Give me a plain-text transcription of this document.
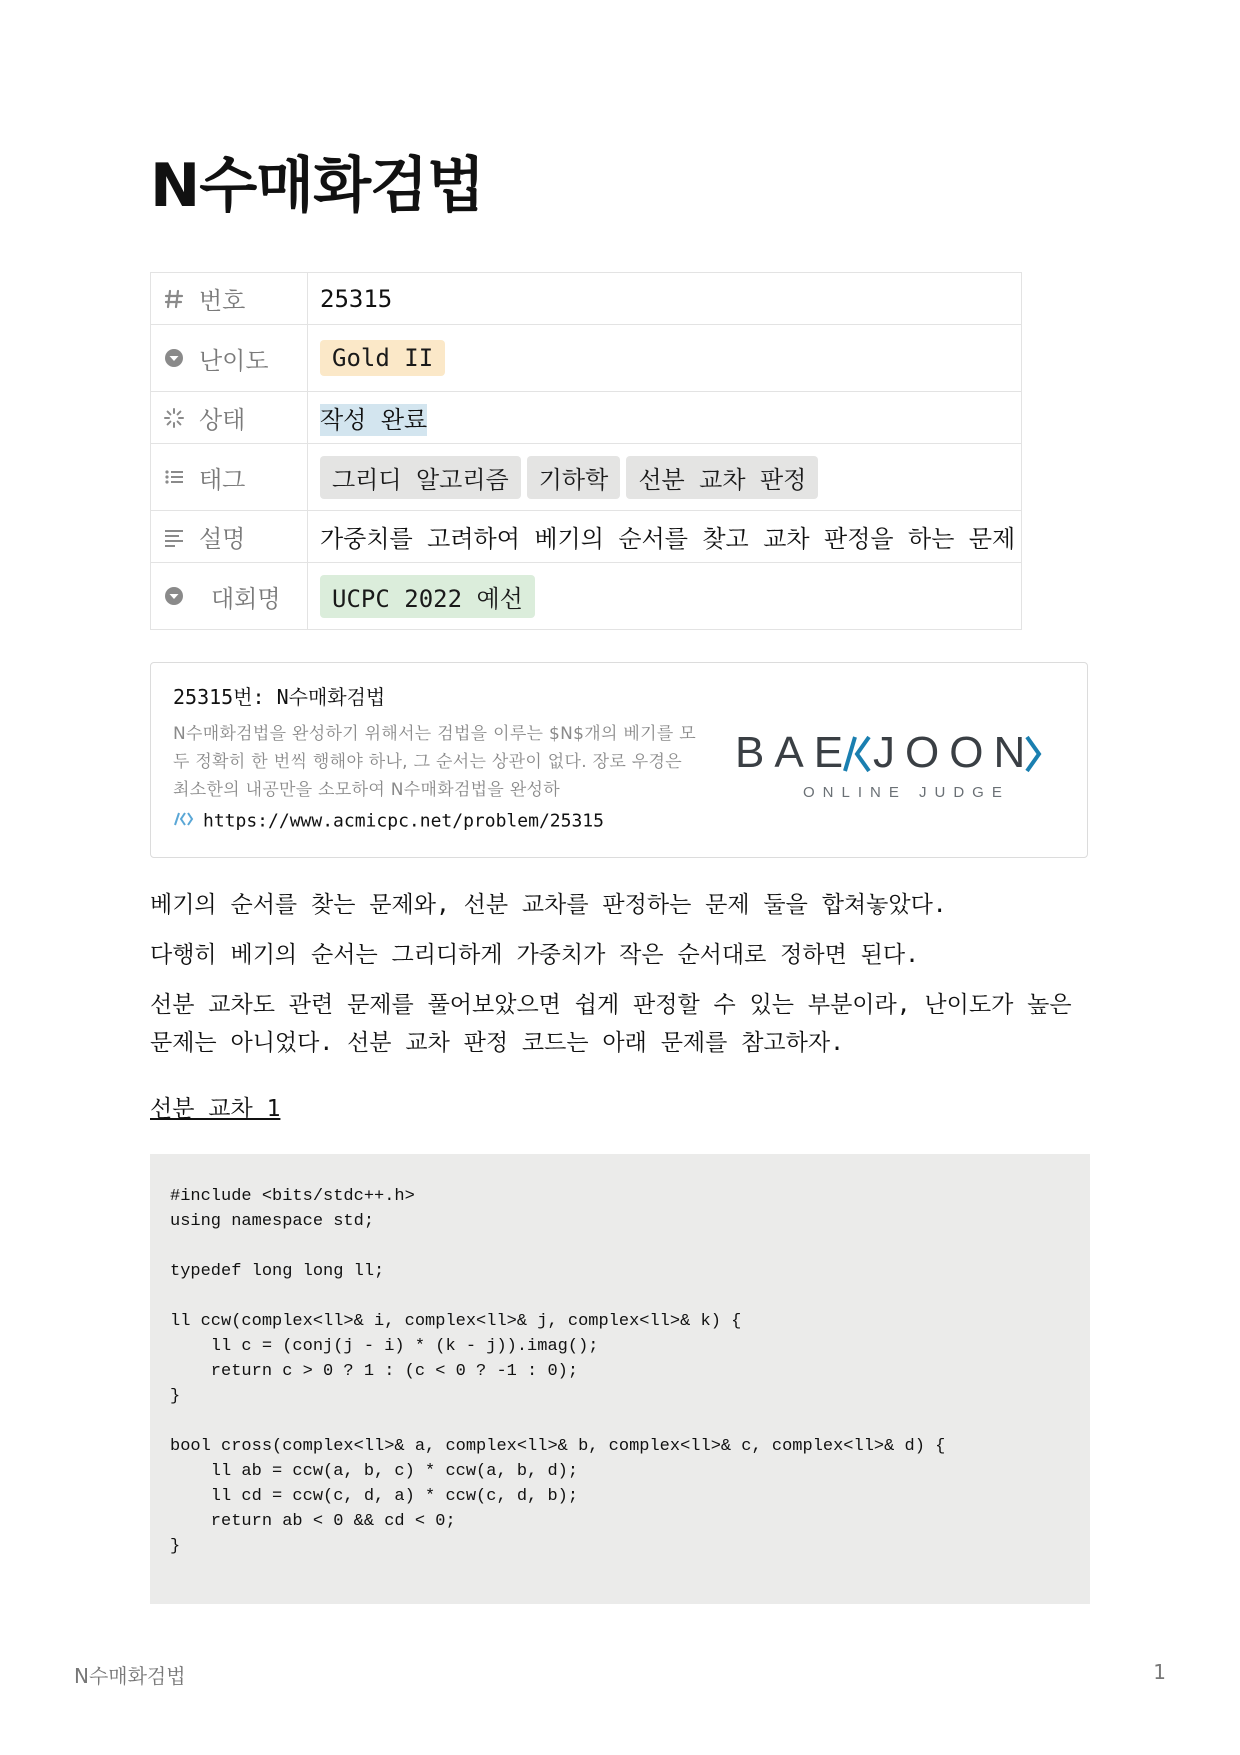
N수매화검법
번호	25315

난이도	Gold II

상태	작성 완료

태그	그리디 알고리즘 기하학 선분 교차 판정

설명	가중치를 고려하여 베기의 순서를 찾고 교차 판정을 하는 문제

대회명	UCPC 2022 예선
25315번: N수매화검법
N수매화검법을 완성하기 위해서는 검법을 이루는 $N$개의 베기를 모두 정확히 한 번씩 행해야 하나, 그 순서는 상관이 없다. 장로 우경은 최소한의 내공만을 소모하여 N수매화검법을 완성하
https://www.acmicpc.net/problem/25315
BAE JOON
ONLINE JUDGE
베기의 순서를 찾는 문제와, 선분 교차를 판정하는 문제 둘을 합쳐놓았다.
다행히 베기의 순서는 그리디하게 가중치가 작은 순서대로 정하면 된다.
선분 교차도 관련 문제를 풀어보았으면 쉽게 판정할 수 있는 부분이라, 난이도가 높은 문제는 아니었다. 선분 교차 판정 코드는 아래 문제를 참고하자.
선분 교차 1
#include <bits/stdc++.h>
using namespace std;

typedef long long ll;

ll ccw(complex<ll>& i, complex<ll>& j, complex<ll>& k) {
ll c = (conj(j - i) * (k - j)).imag();
return c > 0 ? 1 : (c < 0 ? -1 : 0);
}

bool cross(complex<ll>& a, complex<ll>& b, complex<ll>& c, complex<ll>& d) {
ll ab = ccw(a, b, c) * ccw(a, b, d);
ll cd = ccw(c, d, a) * ccw(c, d, b);
return ab < 0 && cd < 0;
}
N수매화검법	1
